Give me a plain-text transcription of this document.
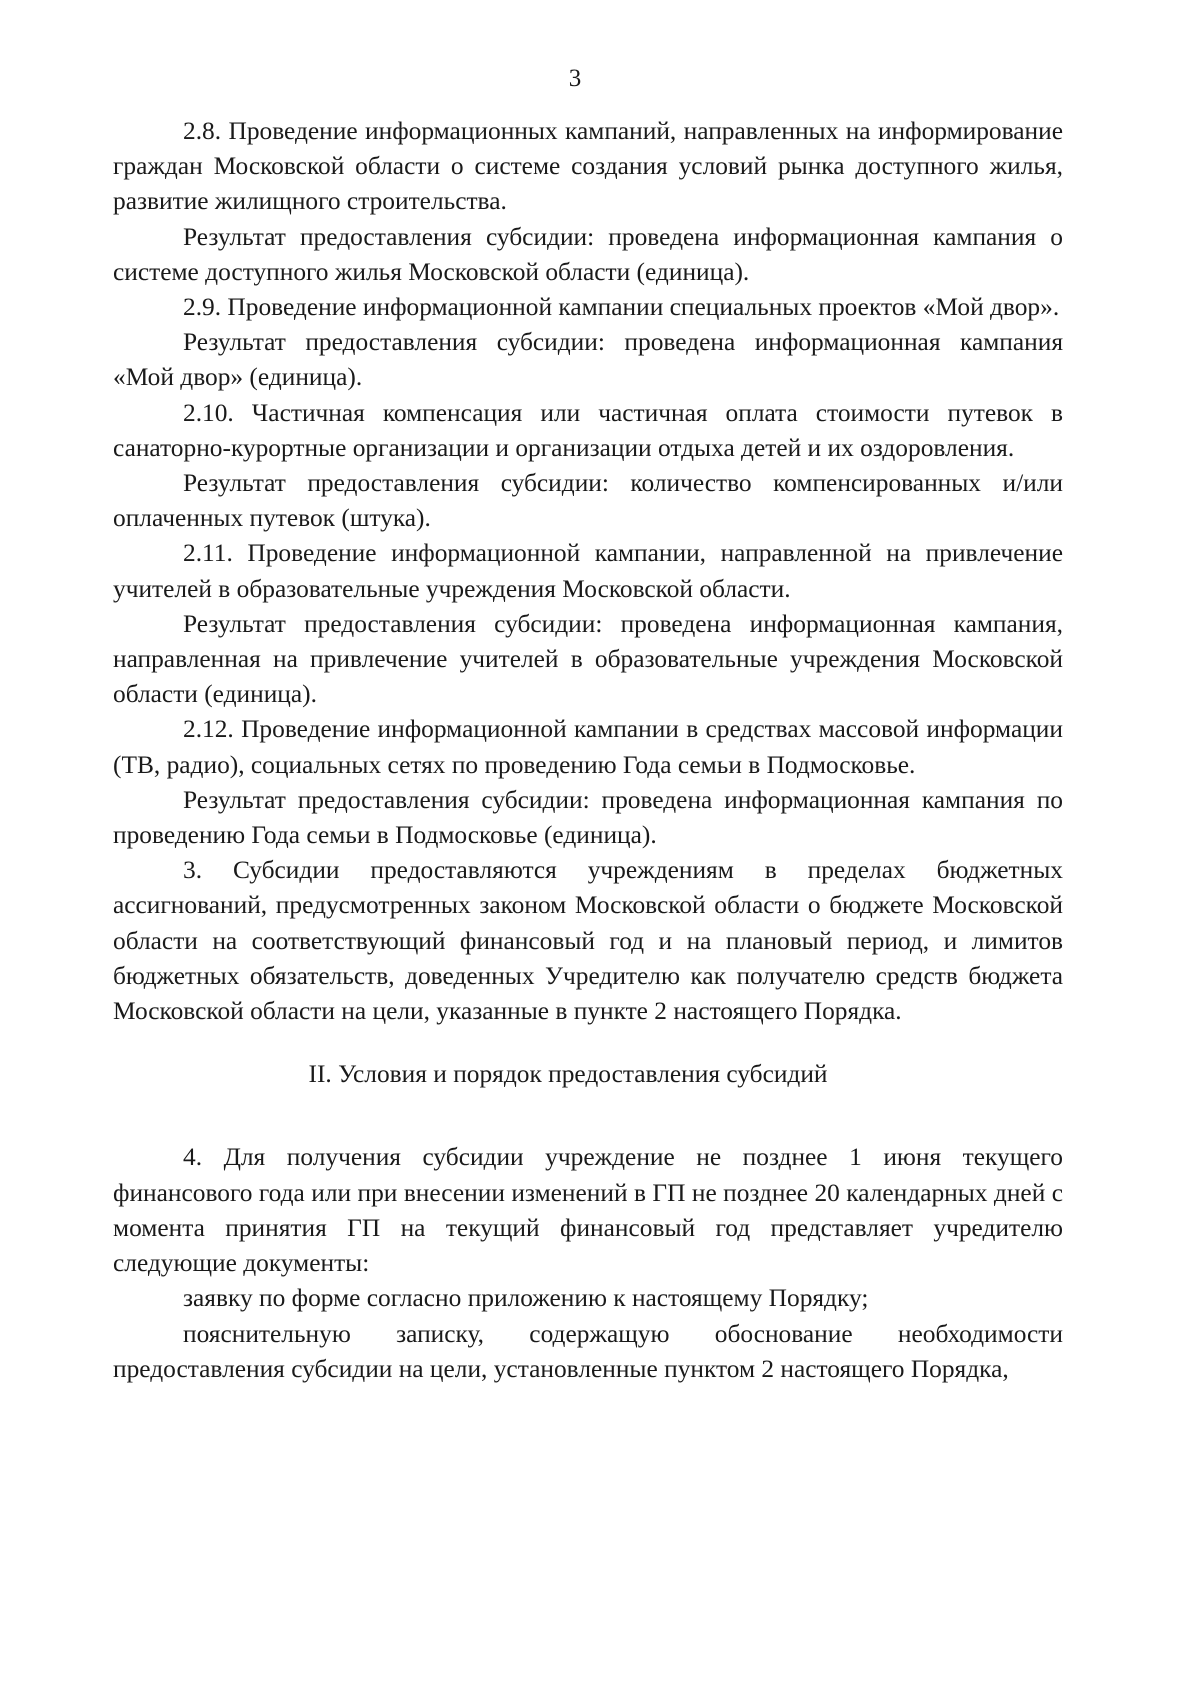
3

2.8. Проведение информационных кампаний, направленных на информирование граждан Московской области о системе создания условий рынка доступного жилья, развитие жилищного строительства.

Результат предоставления субсидии: проведена информационная кампания о системе доступного жилья Московской области (единица).

2.9. Проведение информационной кампании специальных проектов «Мой двор».

Результат предоставления субсидии: проведена информационная кампания «Мой двор» (единица).

2.10. Частичная компенсация или частичная оплата стоимости путевок в санаторно-курортные организации и организации отдыха детей и их оздоровления.

Результат предоставления субсидии: количество компенсированных и/или оплаченных путевок (штука).

2.11. Проведение информационной кампании, направленной на привлечение учителей в образовательные учреждения Московской области.

Результат предоставления субсидии: проведена информационная кампания, направленная на привлечение учителей в образовательные учреждения Московской области (единица).

2.12. Проведение информационной кампании в средствах массовой информации (ТВ, радио), социальных сетях по проведению Года семьи в Подмосковье.

Результат предоставления субсидии: проведена информационная кампания по проведению Года семьи в Подмосковье (единица).

3. Субсидии предоставляются учреждениям в пределах бюджетных ассигнований, предусмотренных законом Московской области о бюджете Московской области на соответствующий финансовый год и на плановый период, и лимитов бюджетных обязательств, доведенных Учредителю как получателю средств бюджета Московской области на цели, указанные в пункте 2 настоящего Порядка.

II. Условия и порядок предоставления субсидий

4. Для получения субсидии учреждение не позднее 1 июня текущего финансового года или при внесении изменений в ГП не позднее 20 календарных дней с момента принятия ГП на текущий финансовый год представляет учредителю следующие документы:

заявку по форме согласно приложению к настоящему Порядку;

пояснительную записку, содержащую обоснование необходимости предоставления субсидии на цели, установленные пунктом 2 настоящего Порядка,
